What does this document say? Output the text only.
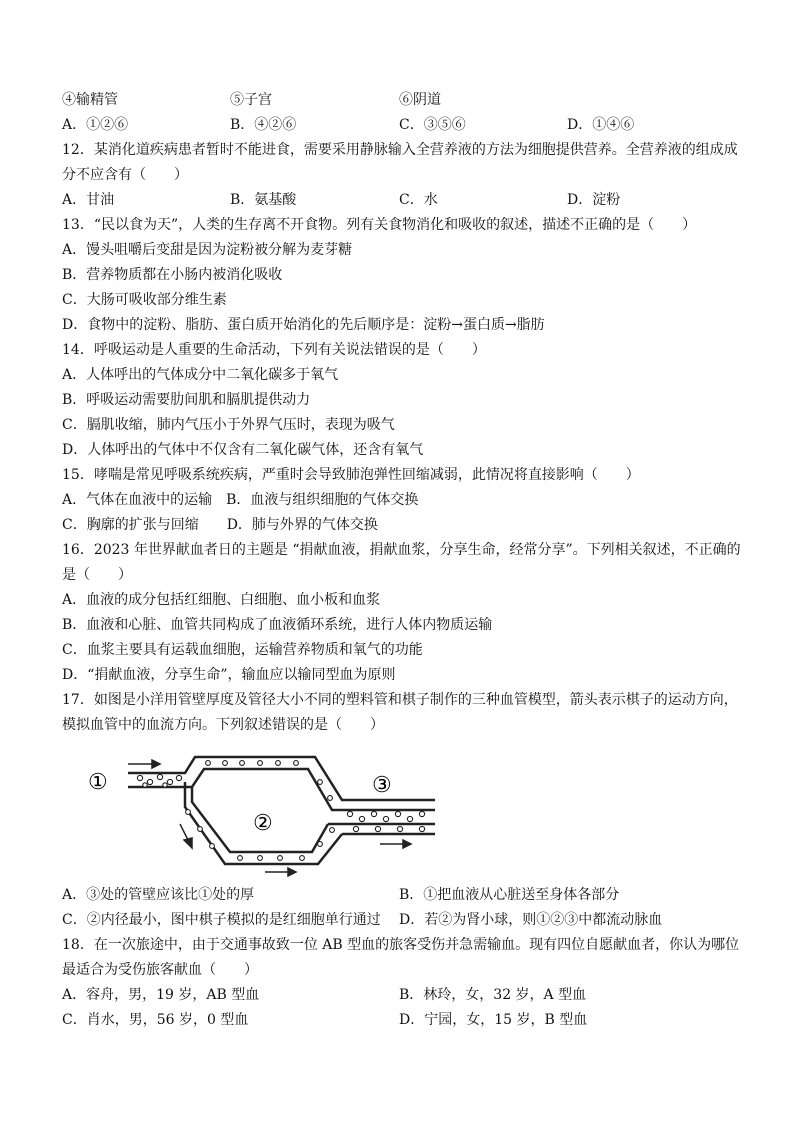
④输精管	⑤子宫	⑥阴道
A．①②⑥	B．④②⑥	C．③⑤⑥	D．①④⑥
12．某消化道疾病患者暂时不能进食，需要采用静脉输入全营养液的方法为细胞提供营养。全营养液的组成成
分不应含有（　　）
A．甘油	B．氨基酸	C．水	D．淀粉
13．“民以食为天”，人类的生存离不开食物。列有关食物消化和吸收的叙述，描述不正确的是（　　）
A．馒头咀嚼后变甜是因为淀粉被分解为麦芽糖
B．营养物质都在小肠内被消化吸收
C．大肠可吸收部分维生素
D．食物中的淀粉、脂肪、蛋白质开始消化的先后顺序是：淀粉→蛋白质→脂肪
14．呼吸运动是人重要的生命活动，下列有关说法错误的是（　　）
A．人体呼出的气体成分中二氧化碳多于氧气
B．呼吸运动需要肋间肌和膈肌提供动力
C．膈肌收缩，肺内气压小于外界气压时，表现为吸气
D．人体呼出的气体中不仅含有二氧化碳气体，还含有氧气
15．哮喘是常见呼吸系统疾病，严重时会导致肺泡弹性回缩减弱，此情况将直接影响（　　）
A．气体在血液中的运输　B．血液与组织细胞的气体交换
C．胸廓的扩张与回缩　　D．肺与外界的气体交换
16．2023 年世界献血者日的主题是 “捐献血液，捐献血浆，分享生命，经常分享”。下列相关叙述，不正确的
是（　　）
A．血液的成分包括红细胞、白细胞、血小板和血浆
B．血液和心脏、血管共同构成了血液循环系统，进行人体内物质运输
C．血浆主要具有运载血细胞，运输营养物质和氧气的功能
D．“捐献血液，分享生命”，输血应以输同型血为原则
17．如图是小洋用管壁厚度及管径大小不同的塑料管和棋子制作的三种血管模型，箭头表示棋子的运动方向，
模拟血管中的血流方向。下列叙述错误的是（　　）
①
②
③
A．③处的管壁应该比①处的厚	B．①把血液从心脏送至身体各部分
C．②内径最小，图中棋子模拟的是红细胞单行通过 D．若②为肾小球，则①②③中都流动脉血
18．在一次旅途中，由于交通事故致一位 AB 型血的旅客受伤并急需输血。现有四位自愿献血者，你认为哪位
最适合为受伤旅客献血（　　）
A．容舟，男，19 岁，AB 型血	B．林玲，女，32 岁，A 型血
C．肖水，男，56 岁，0 型血	D．宁园，女，15 岁，B 型血
